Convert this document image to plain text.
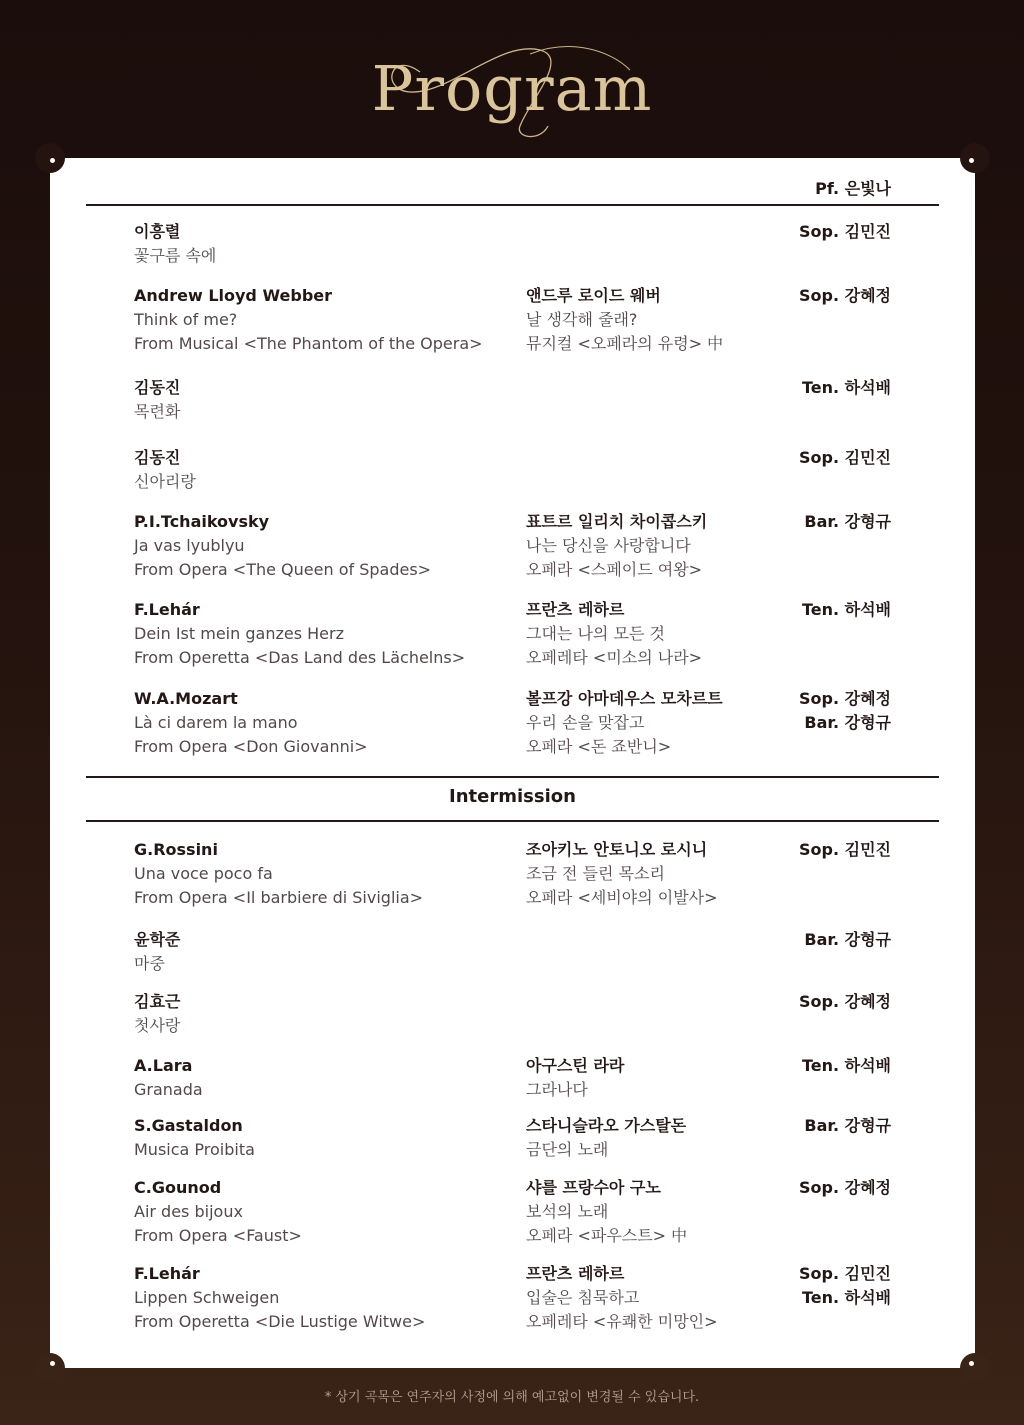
Program
Pf. 은빛나
Intermission
이흥렬
꽃구름 속에
Sop. 김민진
Andrew Lloyd Webber
Think of me?
From Musical <The Phantom of the Opera>
앤드루 로이드 웨버
날 생각해 줄래?
뮤지컬 <오페라의 유령> 中
Sop. 강혜정
김동진
목련화
Ten. 하석배
김동진
신아리랑
Sop. 김민진
P.I.Tchaikovsky
Ja vas lyublyu
From Opera <The Queen of Spades>
표트르 일리치 차이콥스키
나는 당신을 사랑합니다
오페라 <스페이드 여왕>
Bar. 강형규
F.Lehár
Dein Ist mein ganzes Herz
From Operetta <Das Land des Lächelns>
프란츠 레하르
그대는 나의 모든 것
오페레타 <미소의 나라>
Ten. 하석배
W.A.Mozart
Là ci darem la mano
From Opera <Don Giovanni>
볼프강 아마데우스 모차르트
우리 손을 맞잡고
오페라 <돈 죠반니>
Sop. 강혜정
Bar. 강형규
G.Rossini
Una voce poco fa
From Opera <Il barbiere di Siviglia>
조아키노 안토니오 로시니
조금 전 들린 목소리
오페라 <세비야의 이발사>
Sop. 김민진
윤학준
마중
Bar. 강형규
김효근
첫사랑
Sop. 강혜정
A.Lara
Granada
아구스틴 라라
그라나다
Ten. 하석배
S.Gastaldon
Musica Proibita
스타니슬라오 가스탈돈
금단의 노래
Bar. 강형규
C.Gounod
Air des bijoux
From Opera <Faust>
샤를 프랑수아 구노
보석의 노래
오페라 <파우스트> 中
Sop. 강혜정
F.Lehár
Lippen Schweigen
From Operetta <Die Lustige Witwe>
프란츠 레하르
입술은 침묵하고
오페레타 <유쾌한 미망인>
Sop. 김민진
Ten. 하석배
* 상기 곡목은 연주자의 사정에 의해 예고없이 변경될 수 있습니다.
